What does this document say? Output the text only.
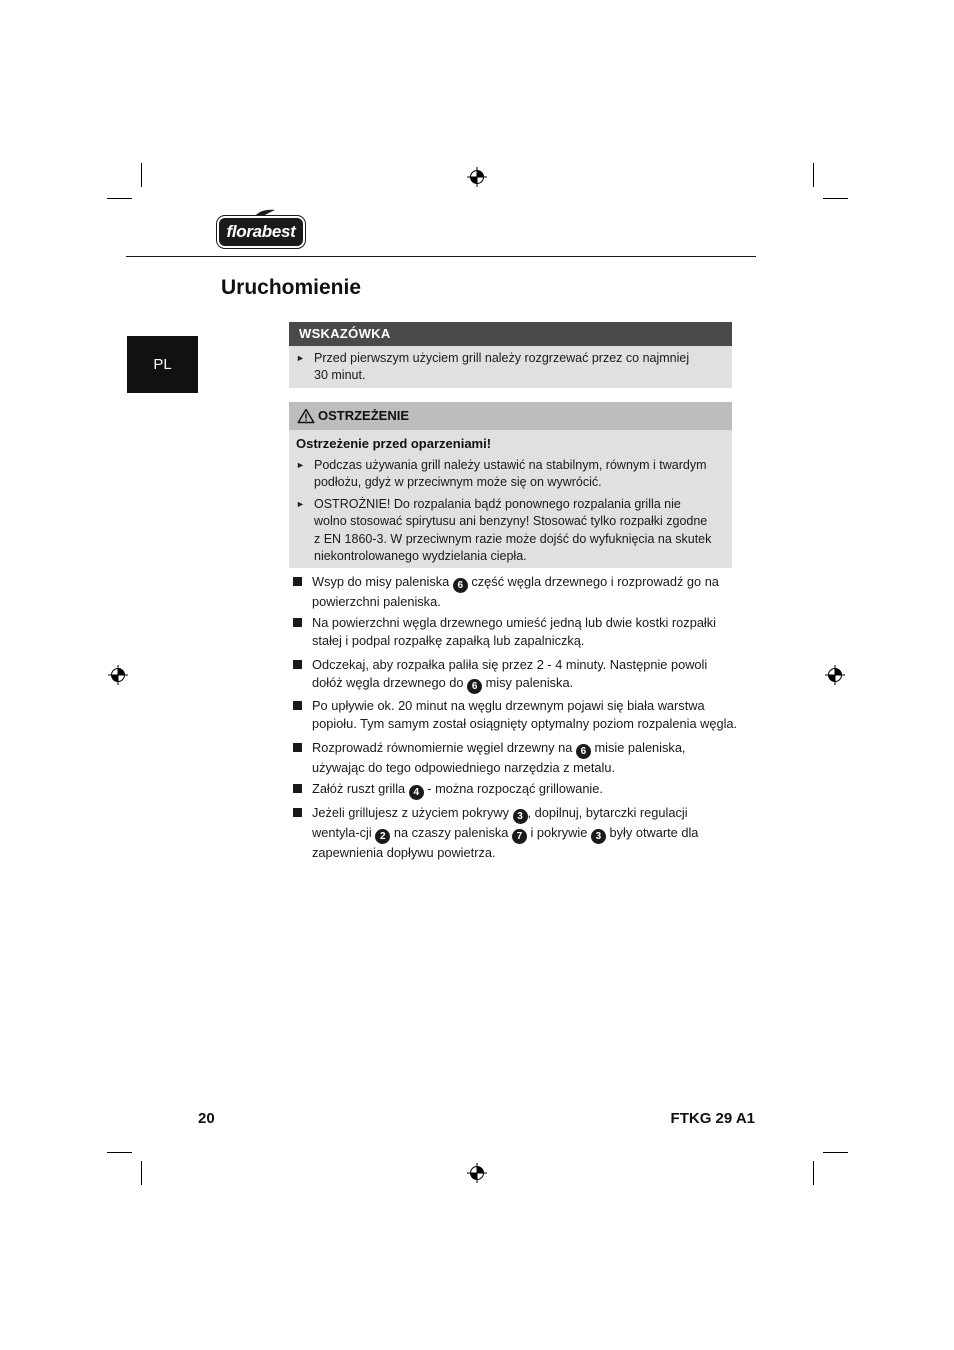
florabest
Uruchomienie
PL
WSKAZÓWKA
► Przed pierwszym użyciem grill należy rozgrzewać przez co najmniej
30 minut.
OSTRZEŻENIE
Ostrzeżenie przed oparzeniami!
► Podczas używania grill należy ustawić na stabilnym, równym i twardym
podłożu, gdyż w przeciwnym może się on wywrócić.
► OSTROŻNIE! Do rozpalania bądź ponownego rozpalania grilla nie
wolno stosować spirytusu ani benzyny! Stosować tylko rozpałki zgodne
z EN 1860-3. W przeciwnym razie może dojść do wyfuknięcia na skutek
niekontrolowanego wydzielania ciepła.
Wsyp do misy paleniska 6 część węgla drzewnego i rozprowadź go na powierzchni paleniska.
Na powierzchni węgla drzewnego umieść jedną lub dwie kostki rozpałki stałej i podpal rozpałkę zapałką lub zapalniczką.
Odczekaj, aby rozpałka paliła się przez 2 - 4 minuty. Następnie powoli dołóż węgla drzewnego do 6 misy paleniska.
Po upływie ok. 20 minut na węglu drzewnym pojawi się biała warstwa popiołu. Tym samym został osiągnięty optymalny poziom rozpalenia węgla.
Rozprowadź równomiernie węgiel drzewny na 6 misie paleniska, używając do tego odpowiedniego narzędzia z metalu.
Załóż ruszt grilla 4 - można rozpocząć grillowanie.
Jeżeli grillujesz z użyciem pokrywy 3 , dopilnuj, bytarczki regulacji wentyla-cji 2 na czaszy paleniska 7 i pokrywie 3 były otwarte dla zapewnienia dopływu powietrza.
20	FTKG 29 A1
